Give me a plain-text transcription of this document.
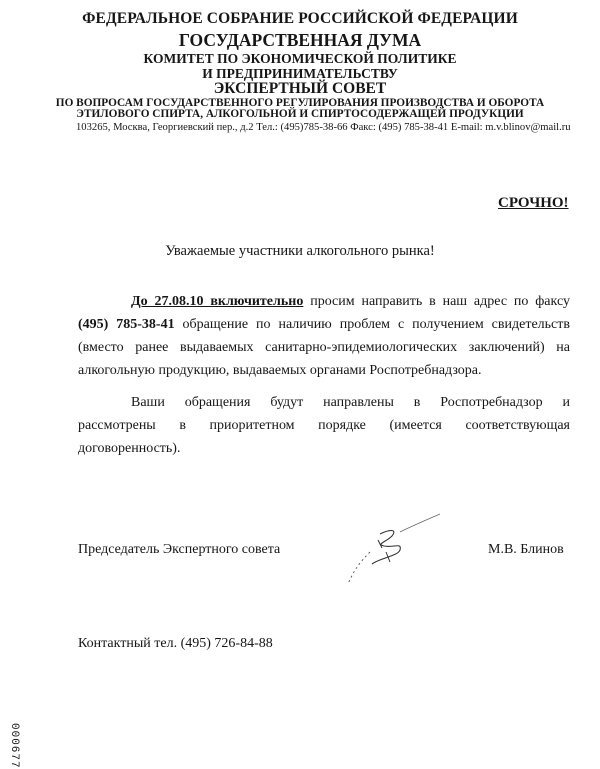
ФЕДЕРАЛЬНОЕ СОБРАНИЕ РОССИЙСКОЙ ФЕДЕРАЦИИ
ГОСУДАРСТВЕННАЯ ДУМА
КОМИТЕТ ПО ЭКОНОМИЧЕСКОЙ ПОЛИТИКЕ
И ПРЕДПРИНИМАТЕЛЬСТВУ
ЭКСПЕРТНЫЙ СОВЕТ
ПО ВОПРОСАМ ГОСУДАРСТВЕННОГО РЕГУЛИРОВАНИЯ ПРОИЗВОДСТВА И ОБОРОТА
ЭТИЛОВОГО СПИРТА, АЛКОГОЛЬНОЙ И СПИРТОСОДЕРЖАЩЕЙ ПРОДУКЦИИ
103265, Москва, Георгиевский пер., д.2 Тел.: (495)785-38-66 Факс: (495) 785-38-41 E-mail: m.v.blinov@mail.ru
СРОЧНО!
Уважаемые участники алкогольного рынка!
До 27.08.10 включительно просим направить в наш адрес по факсу
(495) 785-38-41 обращение по наличию проблем с получением свидетельств
(вместо ранее выдаваемых санитарно-эпидемиологических заключений) на
алкогольную продукцию, выдаваемых органами Роспотребнадзора.
Ваши обращения будут направлены в Роспотребнадзор и
рассмотрены в приоритетном порядке (имеется соответствующая
договоренность).
Председатель Экспертного совета	М.В. Блинов
Контактный тел. (495) 726-84-88
000677
